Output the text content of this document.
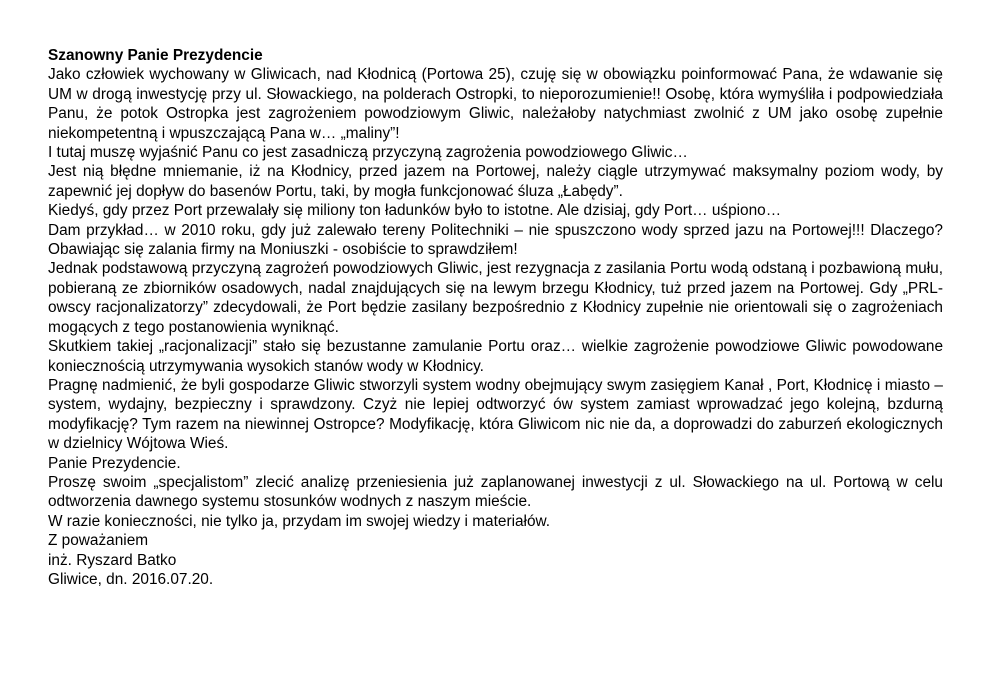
Szanowny Panie Prezydencie

Jako człowiek wychowany w Gliwicach, nad Kłodnicą (Portowa 25), czuję się w obowiązku poinformować Pana, że wdawanie się UM w drogą inwestycję przy ul. Słowackiego, na polderach Ostropki, to nieporozumienie!! Osobę, która wymyśliła i podpowiedziała Panu, że potok Ostropka jest zagrożeniem powodziowym Gliwic, należałoby natychmiast zwolnić z UM jako osobę zupełnie niekompetentną i wpuszczającą Pana w… „maliny”!

I tutaj muszę wyjaśnić Panu co jest zasadniczą przyczyną zagrożenia powodziowego Gliwic…

Jest nią błędne mniemanie, iż na Kłodnicy, przed jazem na Portowej, należy ciągle utrzymywać maksymalny poziom wody, by zapewnić jej dopływ do basenów Portu, taki, by mogła funkcjonować śluza „Łabędy”.

Kiedyś, gdy przez Port przewalały się miliony ton ładunków było to istotne. Ale dzisiaj, gdy Port… uśpiono…

Dam przykład… w 2010 roku, gdy już zalewało tereny Politechniki – nie spuszczono wody sprzed jazu na Portowej!!! Dlaczego? Obawiając się zalania firmy na Moniuszki - osobiście to sprawdziłem!

Jednak podstawową przyczyną zagrożeń powodziowych Gliwic, jest rezygnacja z zasilania Portu wodą odstaną i pozbawioną mułu, pobieraną ze zbiorników osadowych, nadal znajdujących się na lewym brzegu Kłodnicy, tuż przed jazem na Portowej. Gdy „PRL-owscy racjonalizatorzy” zdecydowali, że Port będzie zasilany bezpośrednio z Kłodnicy zupełnie nie orientowali się o zagrożeniach mogących z tego postanowienia wyniknąć.

Skutkiem takiej „racjonalizacji” stało się bezustanne zamulanie Portu oraz… wielkie zagrożenie powodziowe Gliwic powodowane koniecznością utrzymywania wysokich stanów wody w Kłodnicy.

Pragnę nadmienić, że byli gospodarze Gliwic stworzyli system wodny obejmujący swym zasięgiem Kanał , Port, Kłodnicę i miasto – system, wydajny, bezpieczny i sprawdzony. Czyż nie lepiej odtworzyć ów system zamiast wprowadzać jego kolejną, bzdurną modyfikację? Tym razem na niewinnej Ostropce? Modyfikację, która Gliwicom nic nie da, a doprowadzi do zaburzeń ekologicznych w dzielnicy Wójtowa Wieś.

Panie Prezydencie.

Proszę swoim „specjalistom” zlecić analizę przeniesienia już zaplanowanej inwestycji z ul. Słowackiego na ul. Portową w celu odtworzenia dawnego systemu stosunków wodnych z naszym mieście.

W razie konieczności, nie tylko ja, przydam im swojej wiedzy i materiałów.

Z poważaniem

inż. Ryszard Batko

Gliwice, dn. 2016.07.20.
